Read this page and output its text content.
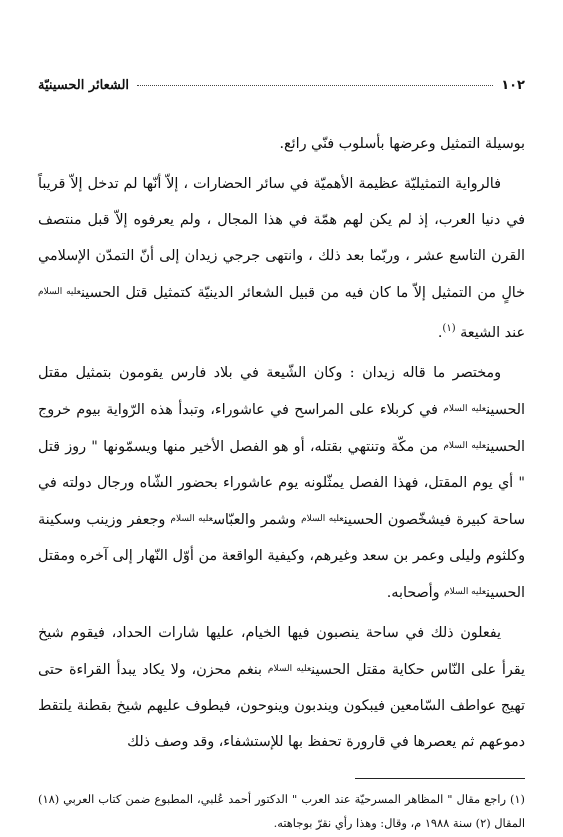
١٠٢
الشعائر الحسينيّة

بوسيلة التمثيل وعرضها بأسلوب فنّي رائع.

فالرواية التمثيليّة عظيمة الأهميّة في سائر الحضارات ، إلاّ أنّها لم تدخل إلاّ قريباً في دنيا العرب، إذ لم يكن لهم همّة في هذا المجال ، ولم يعرفوه إلاّ قبل منتصف القرن التاسع عشر ، وربّما بعد ذلك ، وانتهى جرجي زيدان إلى أنّ التمدّن الإسلامي خالٍ من التمثيل إلاّ ما كان فيه من قبيل الشعائر الدينيّة كتمثيل قتل الحسين$^{عليه السلام}$ عند الشيعة $^{(١)}$.

ومختصر ما قاله زيدان : وكان الشّيعة في بلاد فارس يقومون بتمثيل مقتل الحسين$^{عليه السلام}$ في كربلاء على المراسح في عاشوراء، وتبدأ هذه الرّواية بيوم خروج الحسين$^{عليه السلام}$ من مكّة وتنتهي بقتله، أو هو الفصل الأخير منها ويسمّونها " روز قتل " أي يوم المقتل، فهذا الفصل يمثّلونه يوم عاشوراء بحضور الشّاه ورجال دولته في ساحة كبيرة فيشخّصون الحسين$^{عليه السلام}$ وشمر والعبّاس$^{عليه السلام}$ وجعفر وزينب وسكينة وكلثوم وليلى وعمر بن سعد وغيرهم، وكيفية الواقعة من أوّل النّهار إلى آخره ومقتل الحسين$^{عليه السلام}$ وأصحابه.

يفعلون ذلك في ساحة ينصبون فيها الخيام، عليها شارات الحداد، فيقوم شيخ يقرأ على النّاس حكاية مقتل الحسين$^{عليه السلام}$ بنغم محزن، ولا يكاد يبدأ القراءة حتى تهيج عواطف السّامعين فيبكون ويندبون وينوحون، فيطوف عليهم شيخ بقطنة يلتقط دموعهم ثم يعصرها في قارورة تحفظ بها للإستشفاء، وقد وصف ذلك

(١) راجع مقال " المظاهر المسرحيّة عند العرب " الدكتور أحمد عُلبي، المطبوع ضمن كتاب العربي (١٨) المقال (٢) سنة ١٩٨٨ م، وقال: وهذا رأي نقرّ بوجاهته.
